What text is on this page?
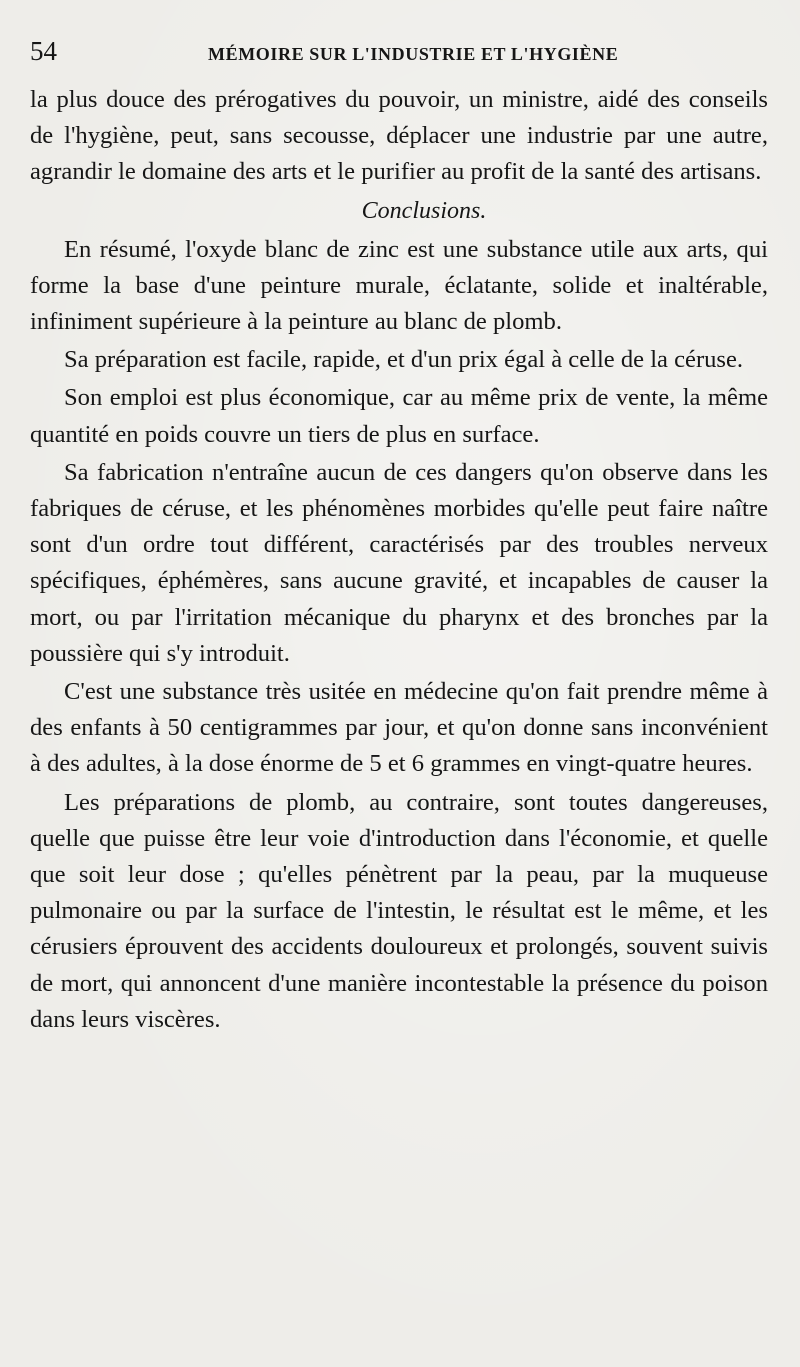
54	MÉMOIRE SUR L'INDUSTRIE ET L'HYGIÈNE

la plus douce des prérogatives du pouvoir, un ministre, aidé des conseils de l'hygiène, peut, sans secousse, déplacer une industrie par une autre, agrandir le domaine des arts et le purifier au profit de la santé des artisans.

Conclusions.

En résumé, l'oxyde blanc de zinc est une substance utile aux arts, qui forme la base d'une peinture murale, éclatante, solide et inaltérable, infiniment supérieure à la peinture au blanc de plomb.

Sa préparation est facile, rapide, et d'un prix égal à celle de la céruse.

Son emploi est plus économique, car au même prix de vente, la même quantité en poids couvre un tiers de plus en surface.

Sa fabrication n'entraîne aucun de ces dangers qu'on observe dans les fabriques de céruse, et les phénomènes morbides qu'elle peut faire naître sont d'un ordre tout différent, caractérisés par des troubles nerveux spécifiques, éphémères, sans aucune gravité, et incapables de causer la mort, ou par l'irritation mécanique du pharynx et des bronches par la poussière qui s'y introduit.

C'est une substance très usitée en médecine qu'on fait prendre même à des enfants à 50 centigrammes par jour, et qu'on donne sans inconvénient à des adultes, à la dose énorme de 5 et 6 grammes en vingt-quatre heures.

Les préparations de plomb, au contraire, sont toutes dangereuses, quelle que puisse être leur voie d'introduction dans l'économie, et quelle que soit leur dose ; qu'elles pénètrent par la peau, par la muqueuse pulmonaire ou par la surface de l'intestin, le résultat est le même, et les cérusiers éprouvent des accidents douloureux et prolongés, souvent suivis de mort, qui annoncent d'une manière incontestable la présence du poison dans leurs viscères.
